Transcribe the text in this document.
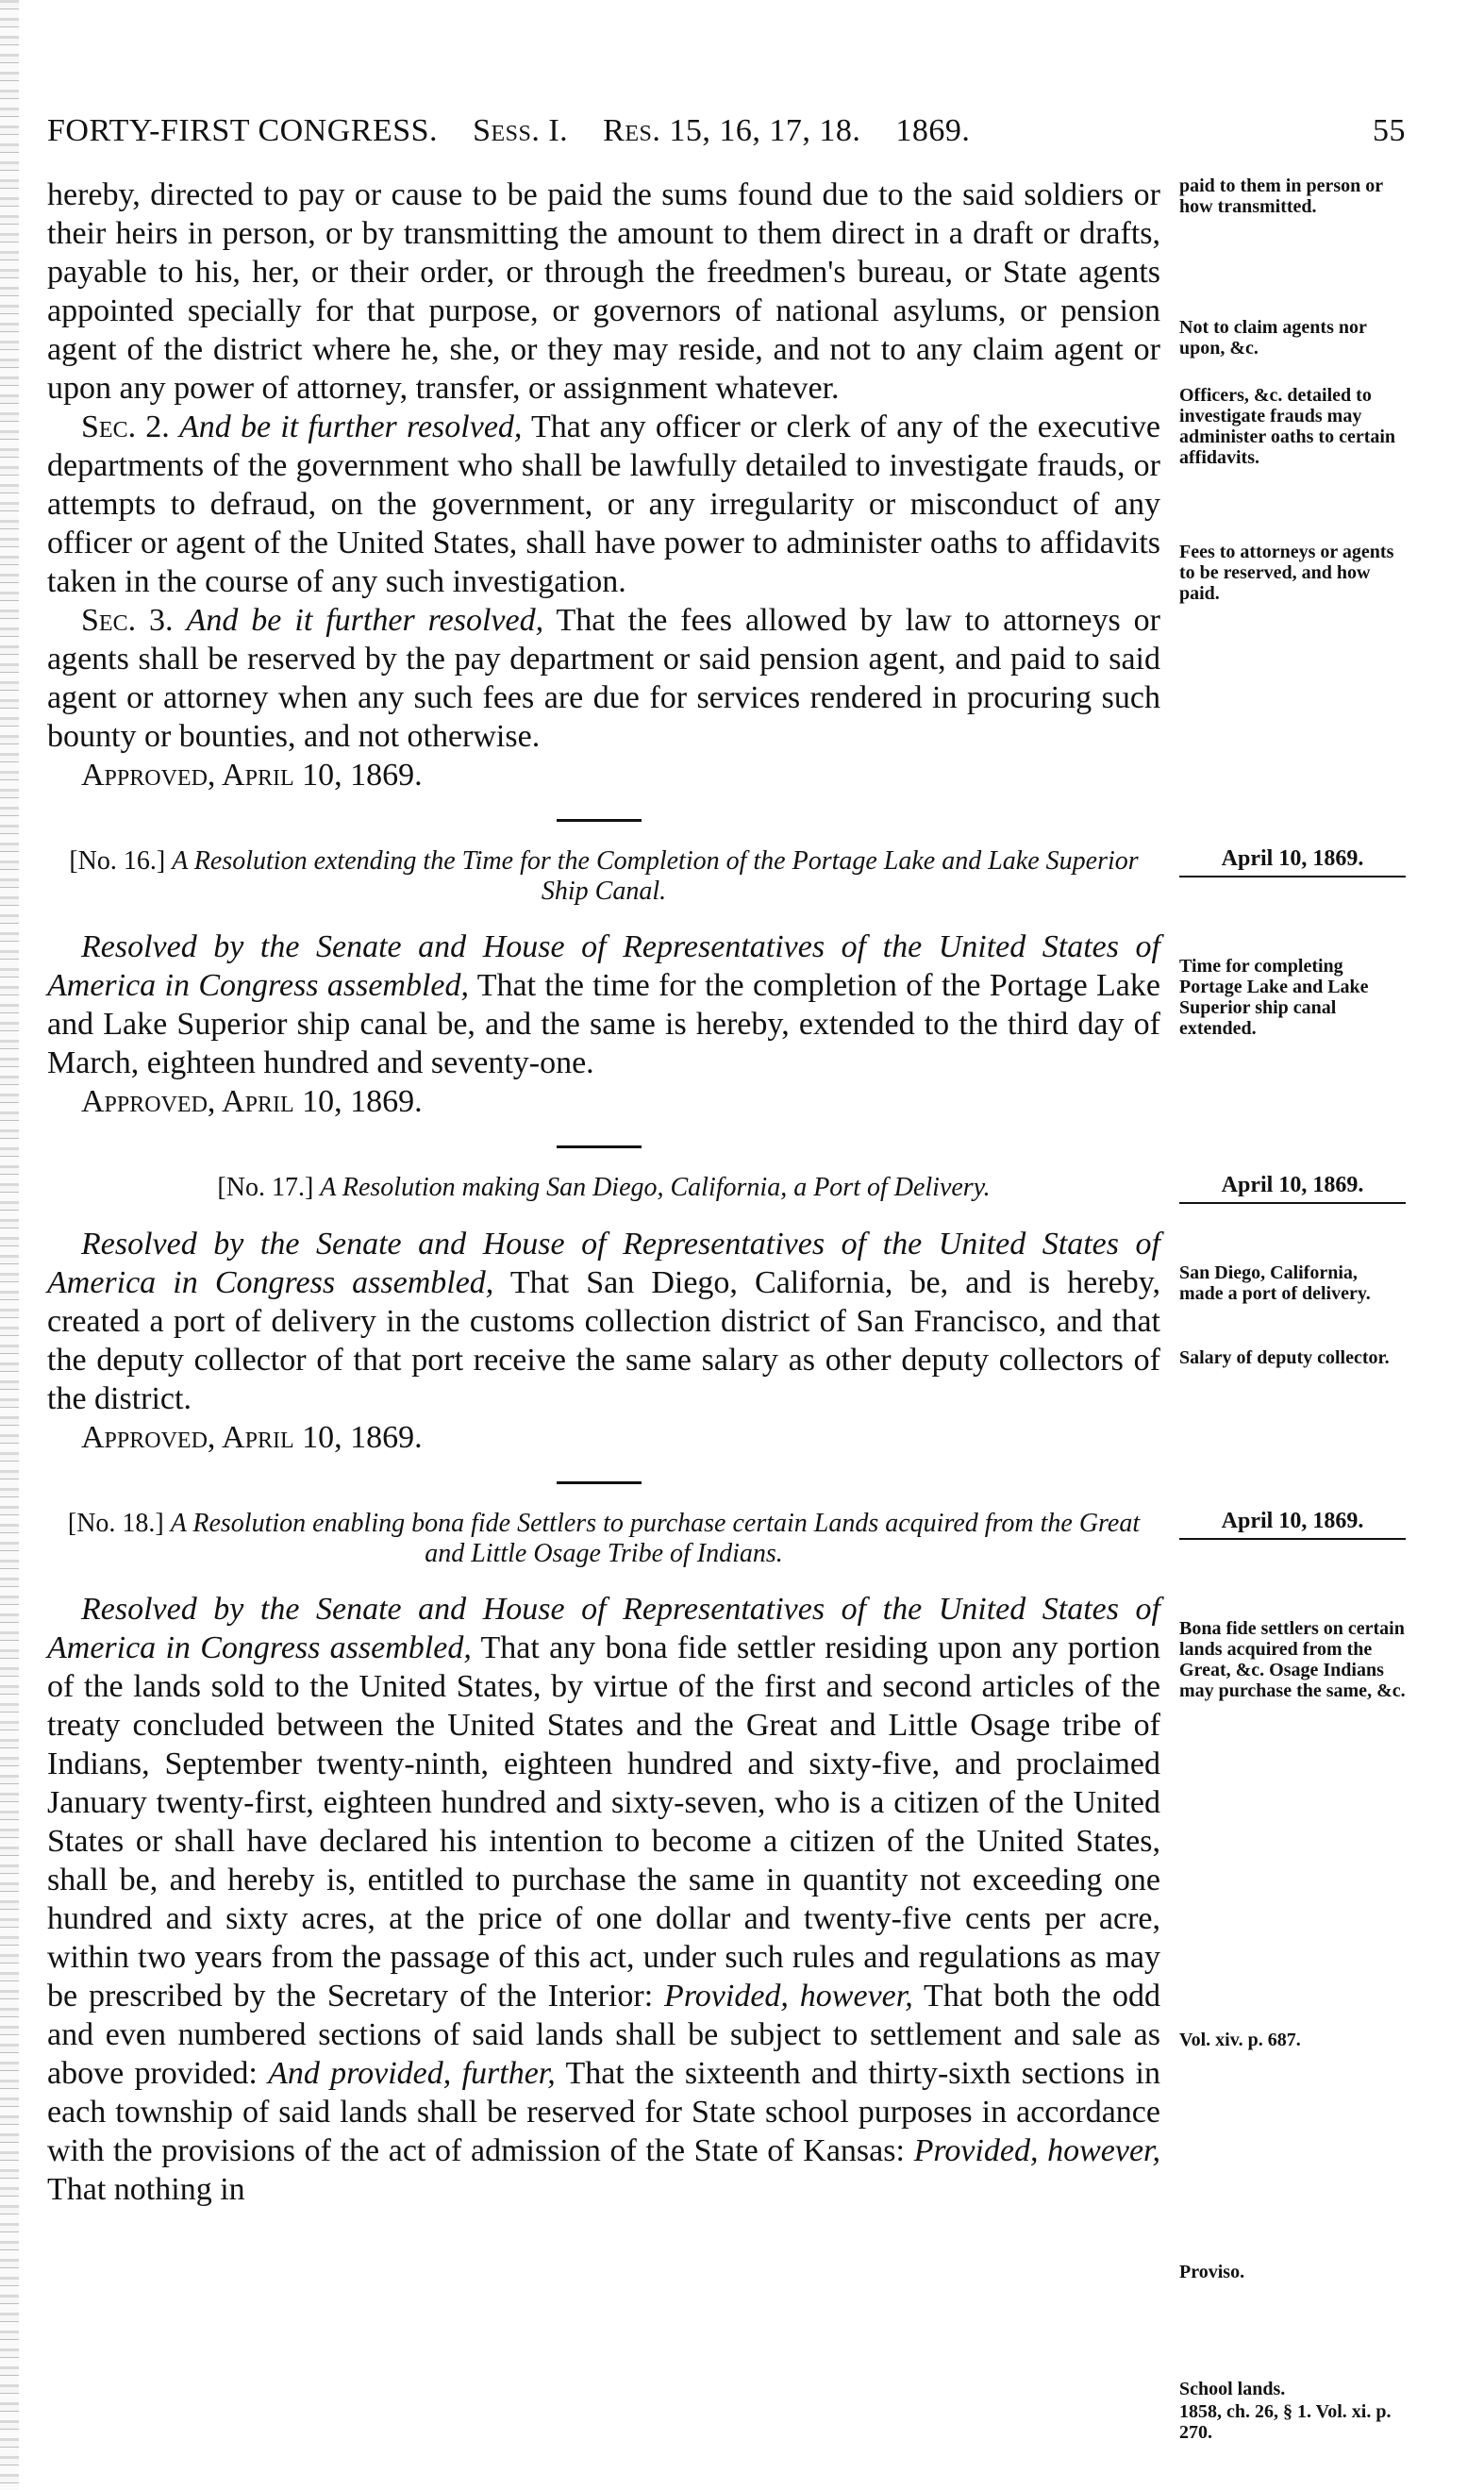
FORTY-FIRST CONGRESS. Sess. I. Res. 15, 16, 17, 18. 1869.	55

hereby, directed to pay or cause to be paid the sums found due to the said soldiers or their heirs in person, or by transmitting the amount to them direct in a draft or drafts, payable to his, her, or their order, or through the freedmen's bureau, or State agents appointed specially for that purpose, or governors of national asylums, or pension agent of the district where he, she, or they may reside, and not to any claim agent or upon any power of attorney, transfer, or assignment whatever.

Sec. 2. And be it further resolved, That any officer or clerk of any of the executive departments of the government who shall be lawfully detailed to investigate frauds, or attempts to defraud, on the government, or any irregularity or misconduct of any officer or agent of the United States, shall have power to administer oaths to affidavits taken in the course of any such investigation.

Sec. 3. And be it further resolved, That the fees allowed by law to attorneys or agents shall be reserved by the pay department or said pension agent, and paid to said agent or attorney when any such fees are due for services rendered in procuring such bounty or bounties, and not otherwise.

Approved, April 10, 1869.

paid to them in person or how transmitted.
Not to claim agents nor upon, &c.
Officers, &c. detailed to investigate frauds may administer oaths to certain affidavits.
Fees to attorneys or agents to be reserved, and how paid.
[No. 16.] A Resolution extending the Time for the Completion of the Portage Lake and Lake Superior Ship Canal.
April 10, 1869.

Resolved by the Senate and House of Representatives of the United States of America in Congress assembled, That the time for the completion of the Portage Lake and Lake Superior ship canal be, and the same is hereby, extended to the third day of March, eighteen hundred and seventy-one.

Approved, April 10, 1869.

Time for completing Portage Lake and Lake Superior ship canal extended.
[No. 17.] A Resolution making San Diego, California, a Port of Delivery.	April 10, 1869.

Resolved by the Senate and House of Representatives of the United States of America in Congress assembled, That San Diego, California, be, and is hereby, created a port of delivery in the customs collection district of San Francisco, and that the deputy collector of that port receive the same salary as other deputy collectors of the district.

Approved, April 10, 1869.

San Diego, California, made a port of delivery.
Salary of deputy collector.
[No. 18.] A Resolution enabling bona fide Settlers to purchase certain Lands acquired from the Great and Little Osage Tribe of Indians.
April 10, 1869.

Resolved by the Senate and House of Representatives of the United States of America in Congress assembled, That any bona fide settler residing upon any portion of the lands sold to the United States, by virtue of the first and second articles of the treaty concluded between the United States and the Great and Little Osage tribe of Indians, September twenty-ninth, eighteen hundred and sixty-five, and proclaimed January twenty-first, eighteen hundred and sixty-seven, who is a citizen of the United States or shall have declared his intention to become a citizen of the United States, shall be, and hereby is, entitled to purchase the same in quantity not exceeding one hundred and sixty acres, at the price of one dollar and twenty-five cents per acre, within two years from the passage of this act, under such rules and regulations as may be prescribed by the Secretary of the Interior: Provided, however, That both the odd and even numbered sections of said lands shall be subject to settlement and sale as above provided: And provided, further, That the sixteenth and thirty-sixth sections in each township of said lands shall be reserved for State school purposes in accordance with the provisions of the act of admission of the State of Kansas: Provided, however, That nothing in

Bona fide settlers on certain lands acquired from the Great, &c. Osage Indians may purchase the same, &c.
Vol. xiv. p. 687.
Proviso.
School lands.
1858, ch. 26, § 1. Vol. xi. p. 270.
